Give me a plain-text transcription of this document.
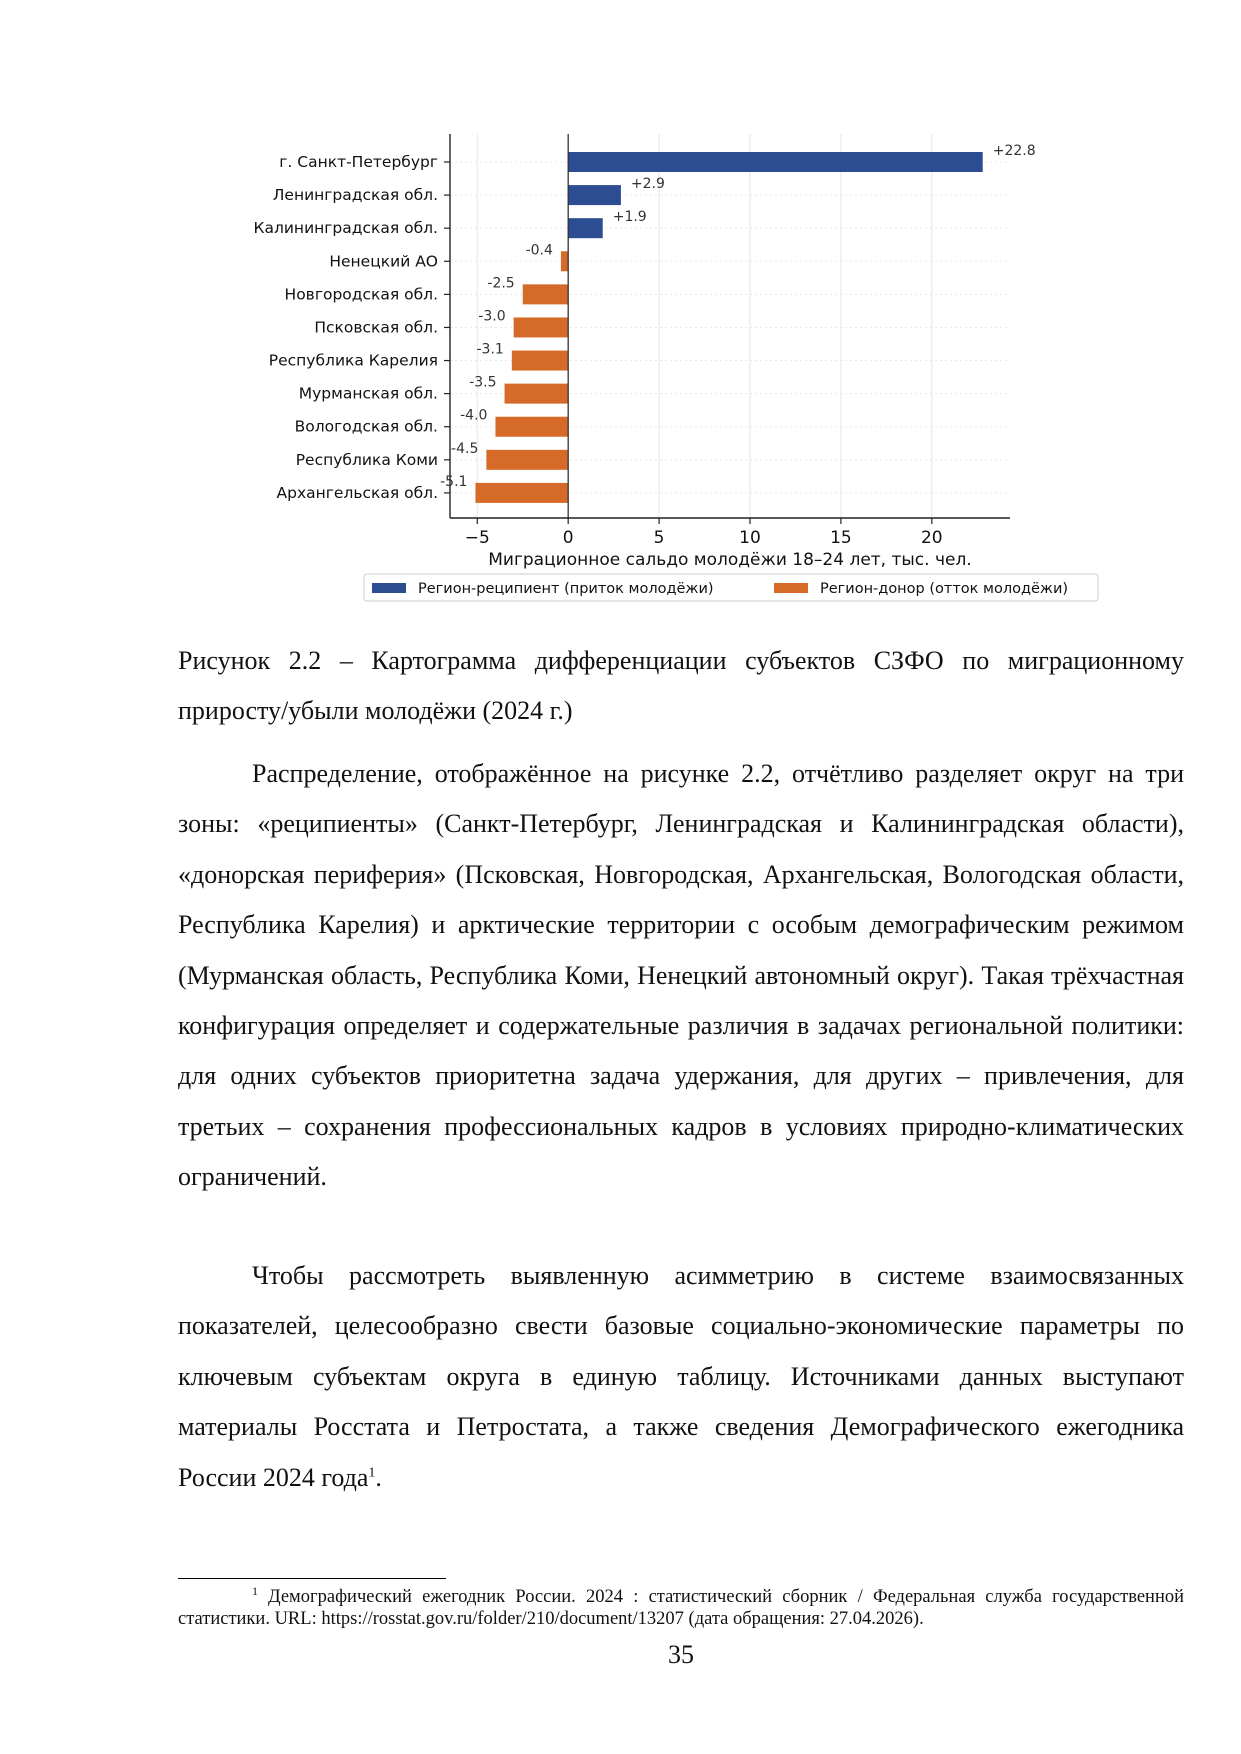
+22.8
г. Санкт-Петербург
+2.9
Ленинградская обл.
+1.9
Калининградская обл.
-0.4
Ненецкий АО
-2.5
Новгородская обл.
-3.0
Псковская обл.
-3.1
Республика Карелия
-3.5
Мурманская обл.
-4.0
Вологодская обл.
-4.5
Республика Коми
-5.1
Архангельская обл.
−5	0	5	10	15	20
Миграционное сальдо молодёжи 18–24 лет, тыс. чел.
Регион-реципиент (приток молодёжи)	Регион-донор (отток молодёжи)

Рисунок 2.2 – Картограмма дифференциации субъектов СЗФО по миграционному приросту/убыли молодёжи (2024 г.)

Распределение, отображённое на рисунке 2.2, отчётливо разделяет округ на три зоны: «реципиенты» (Санкт-Петербург, Ленинградская и Калининградская области), «донорская периферия» (Псковская, Новгородская, Архангельская, Вологодская области, Республика Карелия) и арктические территории с особым демографическим режимом (Мурманская область, Республика Коми, Ненецкий автономный округ). Такая трёхчастная конфигурация определяет и содержательные различия в задачах региональной политики: для одних субъектов приоритетна задача удержания, для других – привлечения, для третьих – сохранения профессиональных кадров в условиях природно-климатических ограничений.

Чтобы рассмотреть выявленную асимметрию в системе взаимосвязанных показателей, целесообразно свести базовые социально-экономические параметры по ключевым субъектам округа в единую таблицу. Источниками данных выступают материалы Росстата и Петростата, а также сведения Демографического ежегодника России 2024 года$^1$.

$^1$ Демографический ежегодник России. 2024 : статистический сборник / Федеральная служба государственной статистики. URL: https://rosstat.gov.ru/folder/210/document/13207 (дата обращения: 27.04.2026).

35
